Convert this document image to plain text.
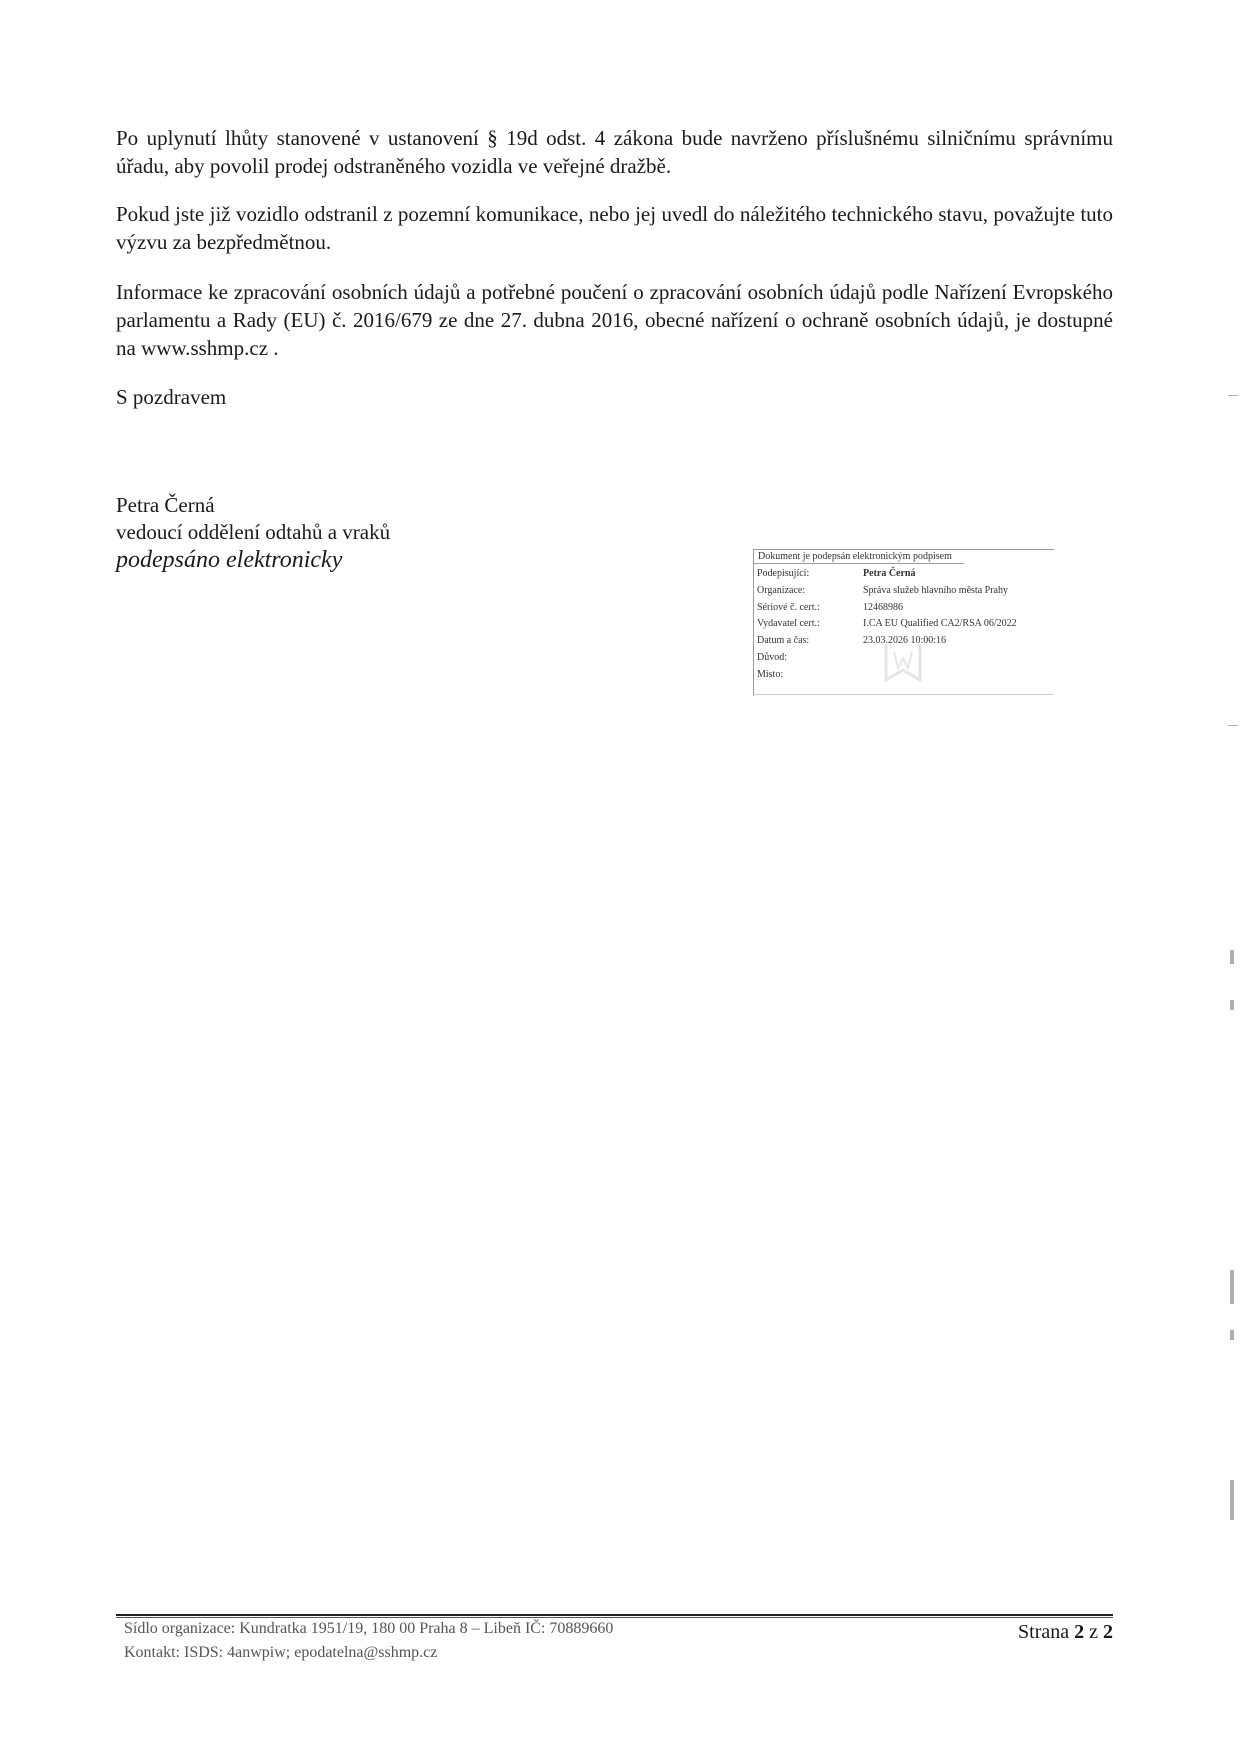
Po uplynutí lhůty stanovené v ustanovení § 19d odst. 4 zákona bude navrženo příslušnému silničnímu správnímu úřadu, aby povolil prodej odstraněného vozidla ve veřejné dražbě.

Pokud jste již vozidlo odstranil z pozemní komunikace, nebo jej uvedl do náležitého technického stavu, považujte tuto výzvu za bezpředmětnou.

Informace ke zpracování osobních údajů a potřebné poučení o zpracování osobních údajů podle Nařízení Evropského parlamentu a Rady (EU) č. 2016/679 ze dne 27. dubna 2016, obecné nařízení o ochraně osobních údajů, je dostupné na www.sshmp.cz .

S pozdravem

Petra Černá

vedoucí oddělení odtahů a vraků

podepsáno elektronicky	Dokument je podepsán elektronickým podpisem
Podepisující:	Petra Černá
Organizace:	Správa služeb hlavního města Prahy
Sériové č. cert.:	12468986
Vydavatel cert.:	I.CA EU Qualified CA2/RSA 06/2022
Datum a čas:	23.03.2026 10:00:16
Důvod:	
Místo:	
Sídlo organizace: Kundratka 1951/19, 180 00 Praha 8 – Libeň IČ: 70889660
Kontakt: ISDS: 4anwpiw; epodatelna@sshmp.cz
Strana 2 z 2
